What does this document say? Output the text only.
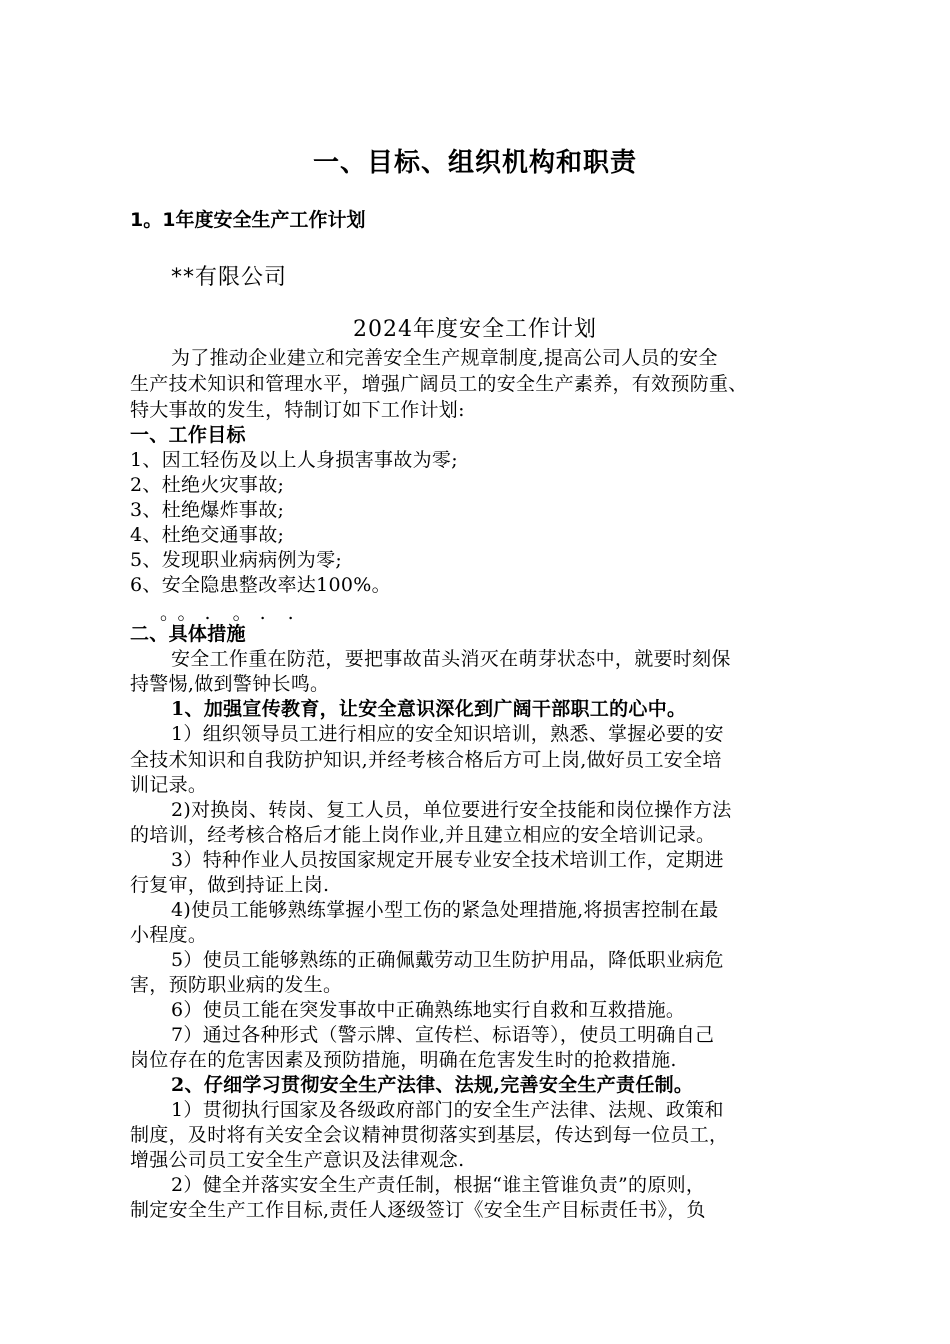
一、目标、组织机构和职责
1。1年度安全生产工作计划
**有限公司
2024年度安全工作计划
为了推动企业建立和完善安全生产规章制度,提高公司人员的安全
生产技术知识和管理水平，增强广阔员工的安全生产素养，有效预防重、
特大事故的发生，特制订如下工作计划:
一、工作目标
1、因工轻伤及以上人身损害事故为零;
2、杜绝火灾事故;
3、杜绝爆炸事故;
4、杜绝交通事故;
5、发现职业病病例为零;
6、安全隐患整改率达100%。
。。. 。. .
二、具体措施
安全工作重在防范，要把事故苗头消灭在萌芽状态中，就要时刻保
持警惕,做到警钟长鸣。
1、加强宣传教育，让安全意识深化到广阔干部职工的心中。
1）组织领导员工进行相应的安全知识培训，熟悉、掌握必要的安
全技术知识和自我防护知识,并经考核合格后方可上岗,做好员工安全培
训记录。
2)对换岗、转岗、复工人员，单位要进行安全技能和岗位操作方法
的培训，经考核合格后才能上岗作业,并且建立相应的安全培训记录。
3）特种作业人员按国家规定开展专业安全技术培训工作，定期进
行复审，做到持证上岗.
4)使员工能够熟练掌握小型工伤的紧急处理措施,将损害控制在最
小程度。
5）使员工能够熟练的正确佩戴劳动卫生防护用品，降低职业病危
害，预防职业病的发生。
6）使员工能在突发事故中正确熟练地实行自救和互救措施。
7）通过各种形式（警示牌、宣传栏、标语等），使员工明确自己
岗位存在的危害因素及预防措施，明确在危害发生时的抢救措施.
2、仔细学习贯彻安全生产法律、法规,完善安全生产责任制。
1）贯彻执行国家及各级政府部门的安全生产法律、法规、政策和
制度，及时将有关安全会议精神贯彻落实到基层，传达到每一位员工，
增强公司员工安全生产意识及法律观念.
2）健全并落实安全生产责任制，根据“谁主管谁负责”的原则，
制定安全生产工作目标,责任人逐级签订《安全生产目标责任书》，负
